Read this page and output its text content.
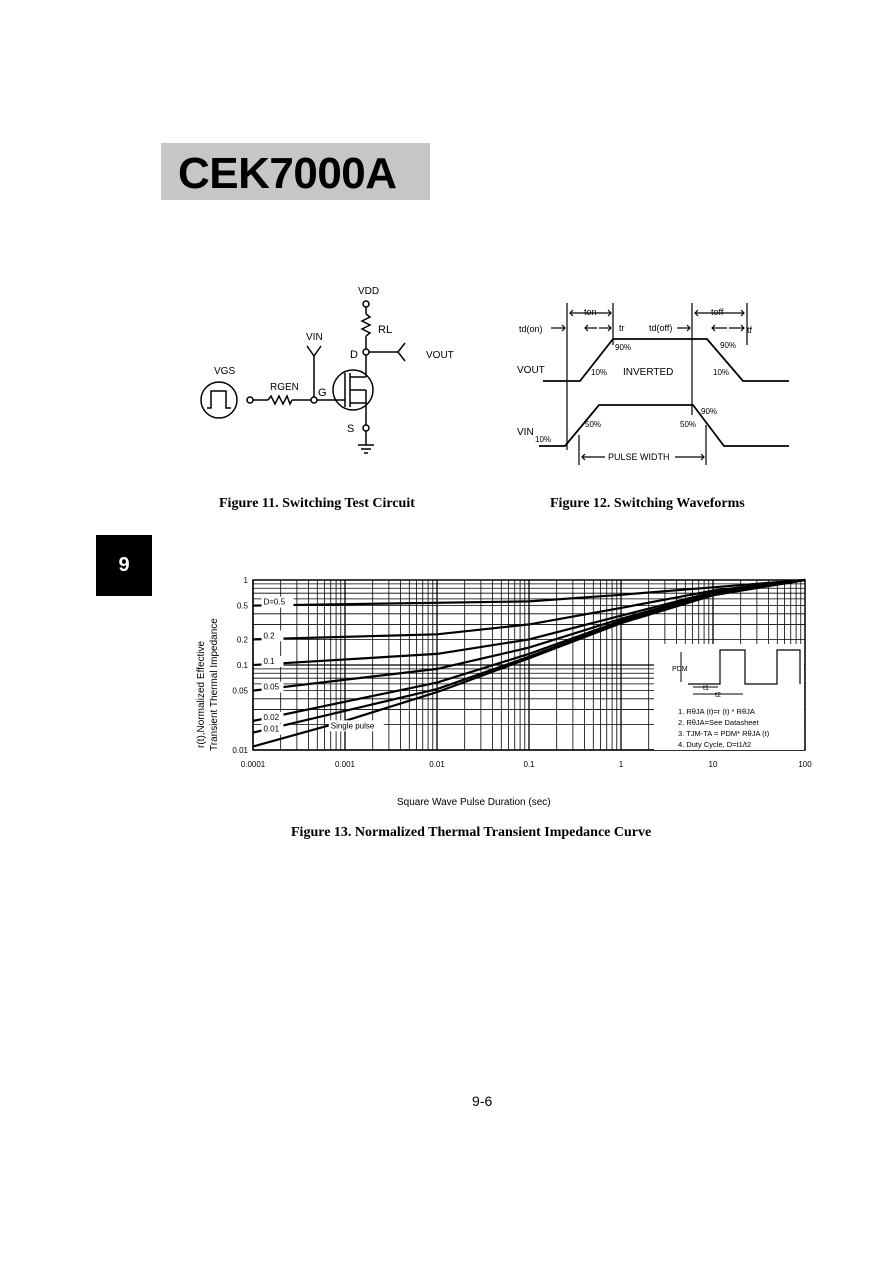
CEK7000A
9
VDD
RL
D	VOUT
VIN
G
RGEN
VGS
S
Figure 11. Switching Test Circuit
ton	toff
td(on)	tr	td(off)	tf
VOUT
90%
10% INVERTED
90%
10%
VIN
10%
50%	50%
90%
PULSE WIDTH
Figure 12. Switching Waveforms
D=0.5
0.2
0.1
0.05
0.02
0.01	Single pulse
0.0001	0.001	0.01	0.1	1	10	100
1
0.5
0.2
0.1
0.05
0.01
r(t),Normalized Effective Transient Thermal Impedance
Square Wave Pulse Duration (sec)
PDM
t1
t2
1. RθJA (t)=r (t) * RθJA
2. RθJA=See Datasheet
3. TJM-TA = PDM* RθJA (t)
4. Duty Cycle, D=t1/t2
Figure 13. Normalized Thermal Transient Impedance Curve
9-6
